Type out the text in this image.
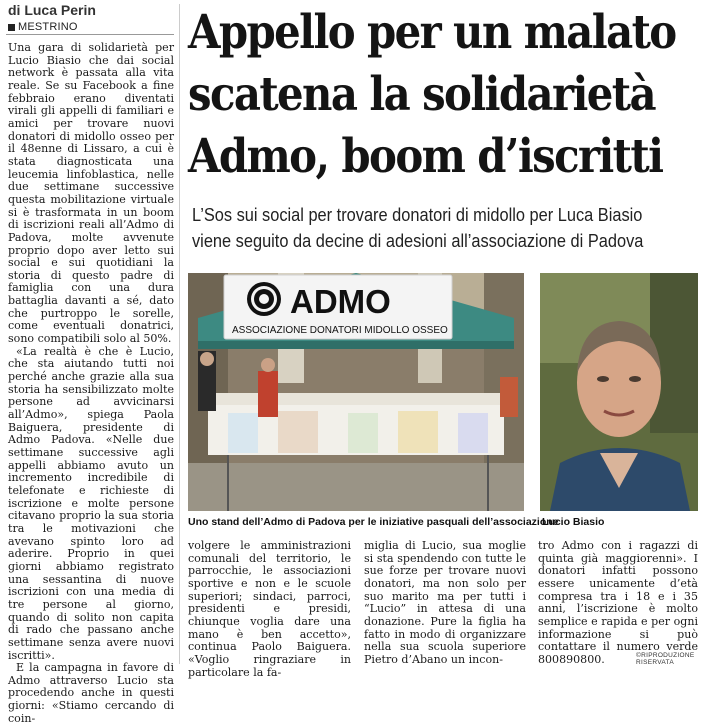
di Luca Perin
MESTRINO

Una gara di solidarietà per Lucio Biasio che dai social network è passata alla vita reale. Se su Facebook a fine febbraio erano diventati virali gli appelli di familiari e amici per trovare nuovi donatori di midollo osseo per il 48enne di Lissaro, a cui è stata diagnosticata una leucemia linfoblastica, nelle due settimane successive questa mobilitazione virtuale si è trasformata in un boom di iscrizioni reali all’Admo di Padova, molte avvenute proprio dopo aver letto sui social e sui quotidiani la storia di questo padre di famiglia con una dura battaglia davanti a sé, dato che purtroppo le sorelle, come eventuali donatrici, sono compatibili solo al 50%.

«La realtà è che è Lucio, che sta aiutando tutti noi perché anche grazie alla sua storia ha sensibilizzato molte persone ad avvicinarsi all’Admo», spiega Paola Baiguera, presidente di Admo Padova. «Nelle due settimane successive agli appelli abbiamo avuto un incremento incredibile di telefonate e richieste di iscrizione e molte persone citavano proprio la sua storia tra le motivazioni che avevano spinto loro ad aderire. Proprio in quei giorni abbiamo registrato una sessantina di nuove iscrizioni con una media di tre persone al giorno, quando di solito non capita di rado che passano anche settimane senza avere nuovi iscritti».

E la campagna in favore di Admo attraverso Lucio sta procedendo anche in questi giorni: «Stiamo cercando di coin-

Appello per un malato
scatena la solidarietà
Admo, boom d’iscritti
L’Sos sui social per trovare donatori di midollo per Luca Biasio
viene seguito da decine di adesioni all’associazione di Padova
ADMO
ASSOCIAZIONE DONATORI MIDOLLO OSSEO
Uno stand dell’Admo di Padova per le iniziative pasquali dell’associazione
Lucio Biasio

volgere le amministrazioni comunali del territorio, le parrocchie, le associazioni sportive e non e le scuole superiori; sindaci, parroci, presidenti e presidi, chiunque voglia dare una mano è ben accetto», continua Paolo Baiguera. «Voglio ringraziare in particolare la fa-

miglia di Lucio, sua moglie si sta spendendo con tutte le sue forze per trovare nuovi donatori, ma non solo per suo marito ma per tutti i “Lucio” in attesa di una donazione. Pure la figlia ha fatto in modo di organizzare nella sua scuola superiore Pietro d’Abano un incon-

tro Admo con i ragazzi di quinta già maggiorenni». I donatori infatti possono essere unicamente d’età compresa tra i 18 e i 35 anni, l’iscrizione è molto semplice e rapida e per ogni informazione si può contattare il numero verde 800890800.	©RIPRODUZIONE RISERVATA
